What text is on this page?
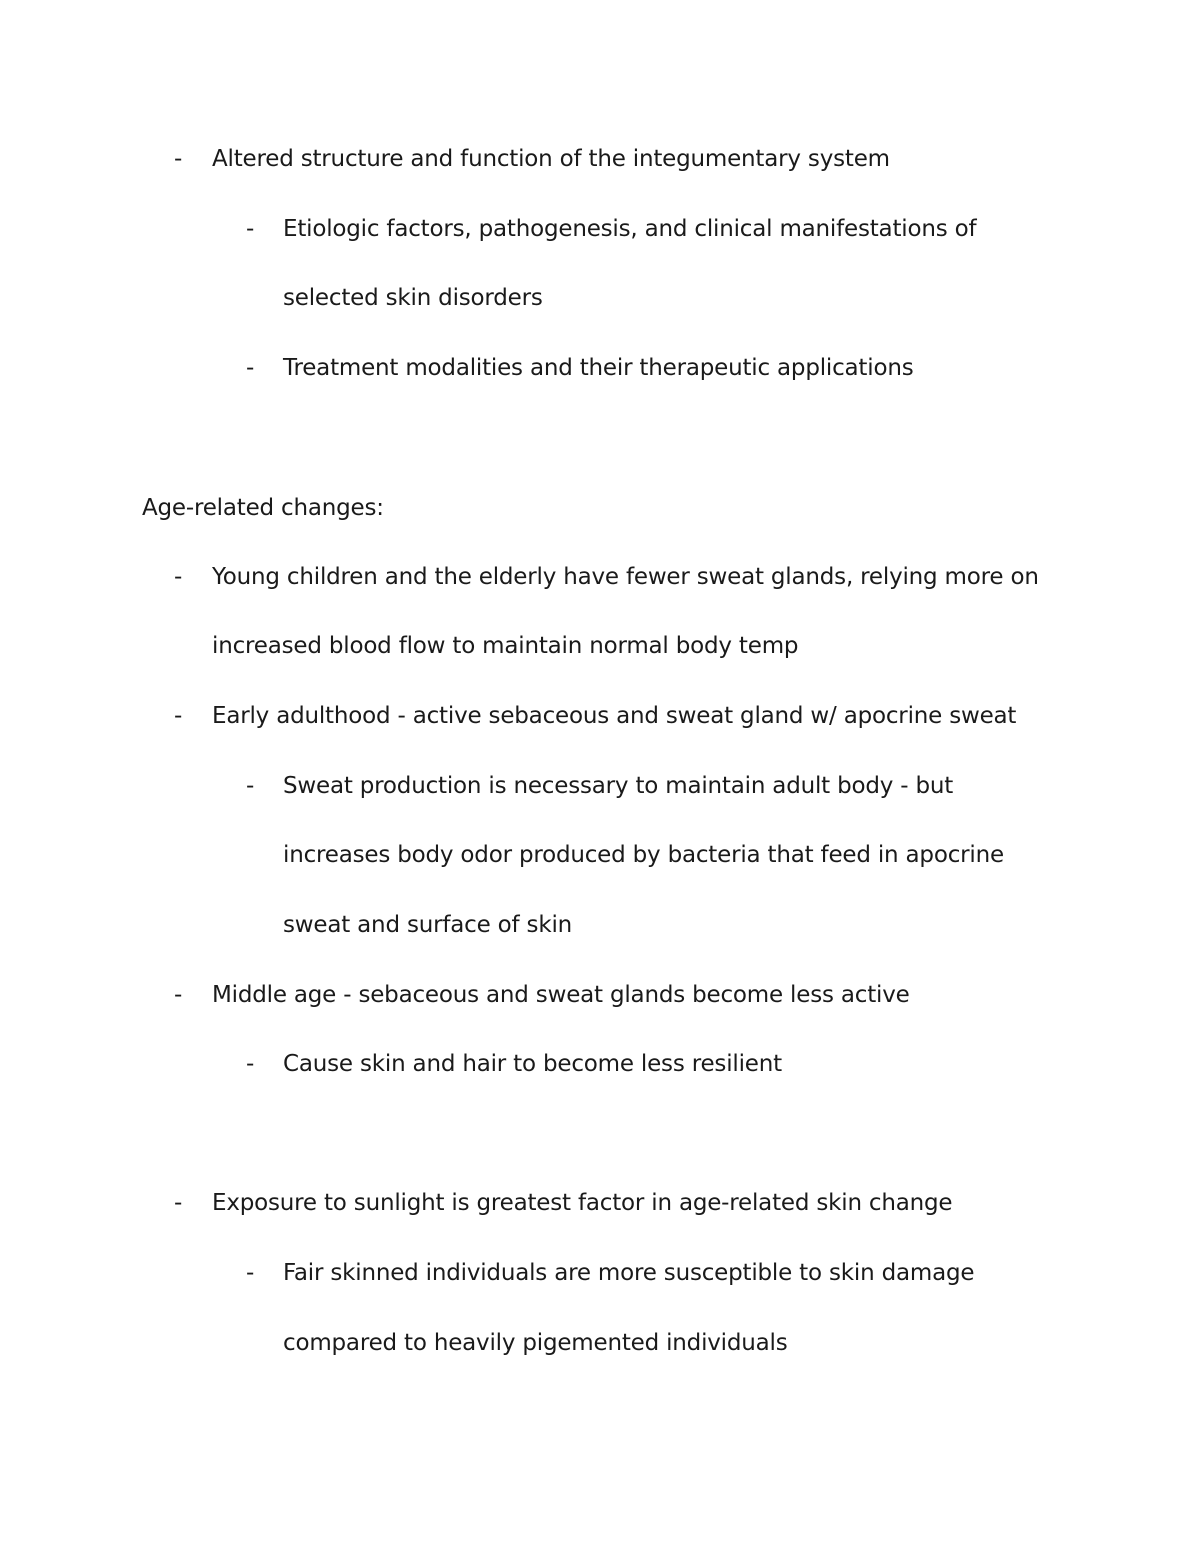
- Altered structure and function of the integumentary system
- Etiologic factors, pathogenesis, and clinical manifestations of
selected skin disorders
- Treatment modalities and their therapeutic applications
Age-related changes:
- Young children and the elderly have fewer sweat glands, relying more on
increased blood flow to maintain normal body temp
- Early adulthood - active sebaceous and sweat gland w/ apocrine sweat
- Sweat production is necessary to maintain adult body - but
increases body odor produced by bacteria that feed in apocrine
sweat and surface of skin
- Middle age - sebaceous and sweat glands become less active
- Cause skin and hair to become less resilient
- Exposure to sunlight is greatest factor in age-related skin change
- Fair skinned individuals are more susceptible to skin damage
compared to heavily pigemented individuals
